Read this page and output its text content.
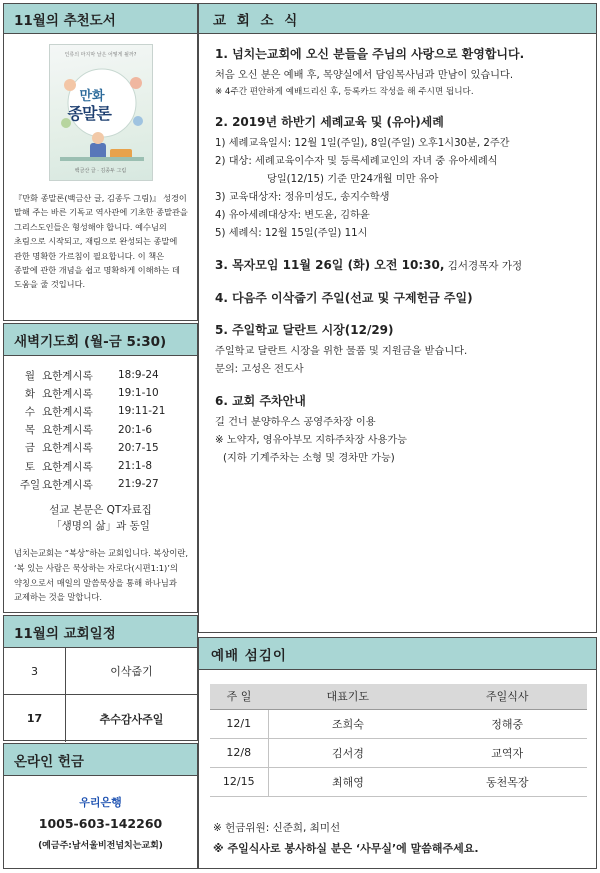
11월의 추천도서
인류의 마지막 날은 어떻게 될까?
만화
종말론
백금산 글 · 김종두 그림
『만화 종말론(백금산 글, 김종두 그림)』 성경이 말해 주는 바른 기독교 역사관에 기초한 종말관을 그리스도인들은 형성해야 합니다. 예수님의 초림으로 시작되고, 재림으로 완성되는 종말에 관한 명확한 가르침이 필요합니다. 이 책은 종말에 관한 개념을 쉽고 명확하게 이해하는 데 도움을 줄 것입니다.
새벽기도회 (월-금 5:30)
월 요한계시록	18:9-24
화 요한계시록	19:1-10
수 요한계시록	19:11-21
목 요한계시록	20:1-6
금 요한계시록	20:7-15
토 요한계시록	21:1-8
주일 요한계시록	21:9-27
설교 본문은 QT자료집
「생명의 삶」과 동일
넘치는교회는 “복상”하는 교회입니다. 복상이란, ‘복 있는 사람은 묵상하는 자로다(시편1:1)’의 약칭으로서 매일의 말씀묵상을 통해 하나님과 교제하는 것을 말합니다.
11월의 교회일정
3	이삭줍기
17	추수감사주일
온라인 헌금
우리은행
1005-603-142260
(예금주:남서울비전넘치는교회)
교 회 소 식
1. 넘치는교회에 오신 분들을 주님의 사랑으로 환영합니다.
처음 오신 분은 예배 후, 목양실에서 담임목사님과 만남이 있습니다.
※ 4주간 편안하게 예배드리신 후, 등록카드 작성을 해 주시면 됩니다.
2. 2019년 하반기 세례교육 및 (유아)세례
1) 세례교육일시: 12월 1일(주일), 8일(주일) 오후1시30분, 2주간
2) 대상: 세례교육이수자 및 등록세례교인의 자녀 중 유아세례식
당일(12/15) 기준 만24개월 미만 유아
3) 교육대상자: 정유미성도, 송지수학생
4) 유아세례대상자: 변도윤, 김하윤
5) 세례식: 12월 15일(주일) 11시
3. 목자모임 11월 26일 (화) 오전 10:30, 김서경목자 가정
4. 다음주 이삭줍기 주일(선교 및 구제헌금 주일)
5. 주일학교 달란트 시장(12/29)
주일학교 달란트 시장을 위한 물품 및 지원금을 받습니다.
문의: 고성은 전도사
6. 교회 주차안내
길 건너 분양하우스 공영주차장 이용
※ 노약자, 영유아부모 지하주차장 사용가능
(지하 기계주차는 소형 및 경차만 가능)
예배 섬김이
주 일	대표기도	주일식사
12/1	조희숙	정해중
12/8	김서경	교역자
12/15	최해영	동천목장
※ 헌금위원: 신준희, 최미선
※ 주일식사로 봉사하실 분은 ‘사무실’에 말씀해주세요.
